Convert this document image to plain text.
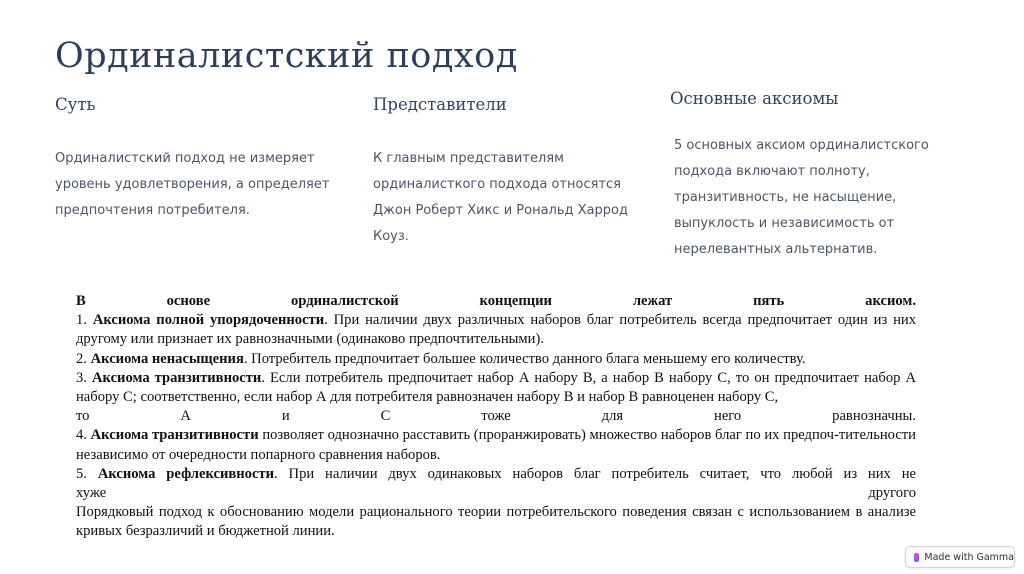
Ординалистский подход
Суть
Ординалистский подход не измеряет
уровень удовлетворения, а определяет
предпочтения потребителя.
Представители
К главным представителям
ординалисткого подхода относятся
Джон Роберт Хикс и Рональд Харрод
Коуз.
Основные аксиомы
5 основных аксиом ординалистского
подхода включают полноту,
транзитивность, не насыщение,
выпуклость и независимость от
нерелевантных альтернатив.

В основе ординалистской концепции лежат пять аксиом.

1. Аксиома полной упорядоченности. При наличии двух различных наборов благ потребитель всегда предпочитает один из них другому или признает их равнозначными (одинаково предпочтительными).

2. Аксиома ненасыщения. Потребитель предпочитает большее количество данного блага меньшему его количеству.

3. Аксиома транзитивности. Если потребитель предпочитает набор А набору В, а набор В набору С, то он предпочитает набор А набору С; соответственно, если набор А для потребителя равнозначен набору В и набор В равноценен набору С,

то А и С тоже для него равнозначны.

4. Аксиома транзитивности позволяет однозначно расставить (проранжировать) множество наборов благ по их предпоч-тительности независимо от очередности попарного сравнения наборов.

5. Аксиома рефлексивности. При наличии двух одинаковых наборов благ потребитель считает, что любой из них не

хуже другого

Порядковый подход к обоснованию модели рационального теории потребительского поведения связан с использованием в анализе кривых безразличий и бюджетной линии.

Made with Gamma
